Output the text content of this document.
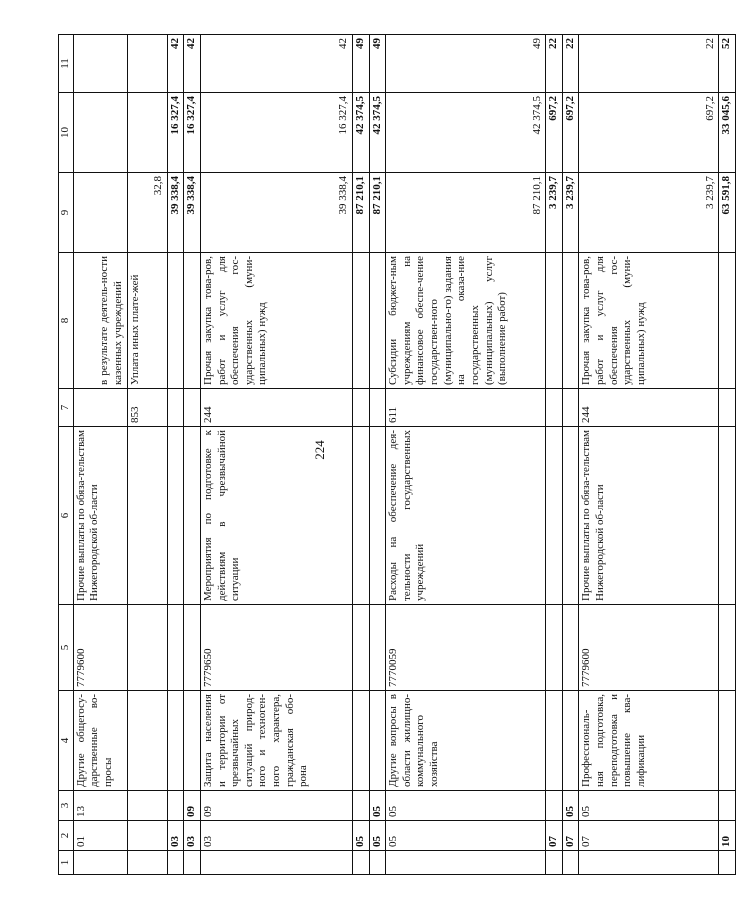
224
1	2	3	4	5	6	7	8	9	10	11
	01	13	Другие общегосу-дарственные во-просы	7779600	Прочие выплаты по обяза-тельствам Нижегородской об-ласти		в результате деятель-ности казенных учреждений			
						853	Уплата иных плате-жей	32,8		
	03							39 338,4	16 327,4	42
	03	09						39 338,4	16 327,4	42
	03	09	Защита населения и территории от чрезвычайных ситуаций природ-ного и техноген-ного характера, гражданская обо-рона	7779650	Мероприятия по подготовке к действиям в чрезвычайной ситуации	244	Прочая закупка това-ров, работ и услуг для обеспечения гос-ударственных (муни-ципальных) нужд	39 338,4	16 327,4	42
	05							87 210,1	42 374,5	49
	05	05						87 210,1	42 374,5	49
	05	05	Другие вопросы в области жилищно-коммунального хозяйства	7770059	Расходы на обеспечение дея-тельности государственных учреждений	611	Субсидии бюджет-ным учреждениям на финансовое обеспе-чение государствен-ного (муниципально-го) задания на оказа-ние государственных (муниципальных) услуг (выполнение работ)	87 210,1	42 374,5	49
	07							3 239,7	697,2	22
	07	05						3 239,7	697,2	22
	07	05	Профессиональ-ная подготовка, переподготовка и повышение ква-лификации	7779600	Прочие выплаты по обяза-тельствам Нижегородской об-ласти	244	Прочая закупка това-ров, работ и услуг для обеспечения гос-ударственных (муни-ципальных) нужд	3 239,7	697,2	22
	10							63 591,8	33 045,6	52
